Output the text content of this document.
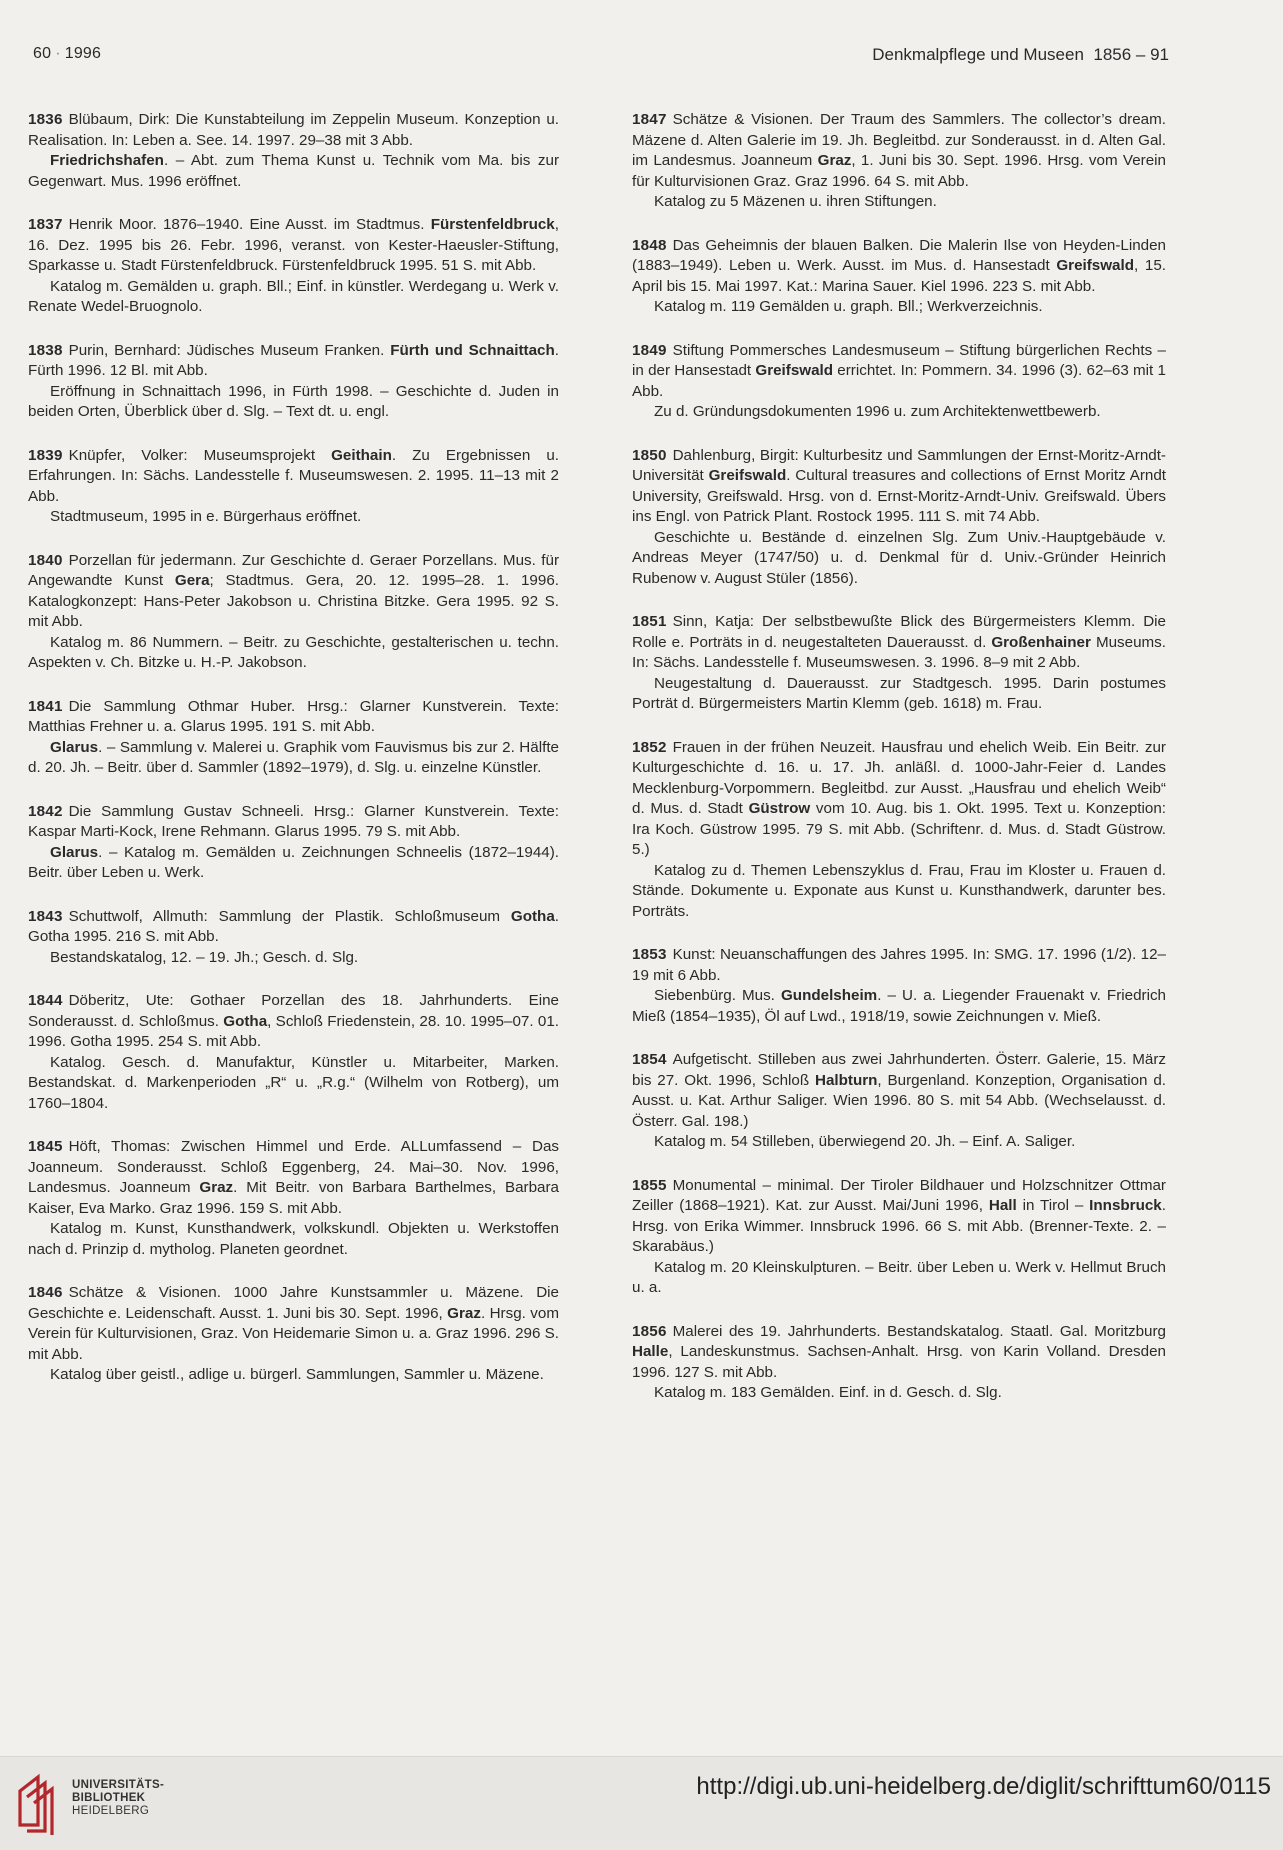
60 · 1996	Denkmalpflege und Museen 1856 – 91

1836 Blübaum, Dirk: Die Kunstabteilung im Zeppelin Museum. Konzeption u. Realisation. In: Leben a. See. 14. 1997. 29–38 mit 3 Abb.

Friedrichshafen. – Abt. zum Thema Kunst u. Technik vom Ma. bis zur Gegenwart. Mus. 1996 eröffnet.

1837 Henrik Moor. 1876–1940. Eine Ausst. im Stadtmus. Fürstenfeldbruck, 16. Dez. 1995 bis 26. Febr. 1996, veranst. von Kester-Haeusler-Stiftung, Sparkasse u. Stadt Fürstenfeldbruck. Fürstenfeldbruck 1995. 51 S. mit Abb.

Katalog m. Gemälden u. graph. Bll.; Einf. in künstler. Werdegang u. Werk v. Renate Wedel-Bruognolo.

1838 Purin, Bernhard: Jüdisches Museum Franken. Fürth und Schnaittach. Fürth 1996. 12 Bl. mit Abb.

Eröffnung in Schnaittach 1996, in Fürth 1998. – Geschichte d. Juden in beiden Orten, Überblick über d. Slg. – Text dt. u. engl.

1839 Knüpfer, Volker: Museumsprojekt Geithain. Zu Ergebnissen u. Erfahrungen. In: Sächs. Landesstelle f. Museumswesen. 2. 1995. 11–13 mit 2 Abb.

Stadtmuseum, 1995 in e. Bürgerhaus eröffnet.

1840 Porzellan für jedermann. Zur Geschichte d. Geraer Porzellans. Mus. für Angewandte Kunst Gera; Stadtmus. Gera, 20. 12. 1995–28. 1. 1996. Katalogkonzept: Hans-Peter Jakobson u. Christina Bitzke. Gera 1995. 92 S. mit Abb.

Katalog m. 86 Nummern. – Beitr. zu Geschichte, gestalterischen u. techn. Aspekten v. Ch. Bitzke u. H.-P. Jakobson.

1841 Die Sammlung Othmar Huber. Hrsg.: Glarner Kunstverein. Texte: Matthias Frehner u. a. Glarus 1995. 191 S. mit Abb.

Glarus. – Sammlung v. Malerei u. Graphik vom Fauvismus bis zur 2. Hälfte d. 20. Jh. – Beitr. über d. Sammler (1892–1979), d. Slg. u. einzelne Künstler.

1842 Die Sammlung Gustav Schneeli. Hrsg.: Glarner Kunstverein. Texte: Kaspar Marti-Kock, Irene Rehmann. Glarus 1995. 79 S. mit Abb.

Glarus. – Katalog m. Gemälden u. Zeichnungen Schneelis (1872–1944). Beitr. über Leben u. Werk.

1843 Schuttwolf, Allmuth: Sammlung der Plastik. Schloßmuseum Gotha. Gotha 1995. 216 S. mit Abb.

Bestandskatalog, 12. – 19. Jh.; Gesch. d. Slg.

1844 Döberitz, Ute: Gothaer Porzellan des 18. Jahrhunderts. Eine Sonderausst. d. Schloßmus. Gotha, Schloß Friedenstein, 28. 10. 1995–07. 01. 1996. Gotha 1995. 254 S. mit Abb.

Katalog. Gesch. d. Manufaktur, Künstler u. Mitarbeiter, Marken. Bestandskat. d. Markenperioden „R“ u. „R.g.“ (Wilhelm von Rotberg), um 1760–1804.

1845 Höft, Thomas: Zwischen Himmel und Erde. ALLumfassend – Das Joanneum. Sonderausst. Schloß Eggenberg, 24. Mai–30. Nov. 1996, Landesmus. Joanneum Graz. Mit Beitr. von Barbara Barthelmes, Barbara Kaiser, Eva Marko. Graz 1996. 159 S. mit Abb.

Katalog m. Kunst, Kunsthandwerk, volkskundl. Objekten u. Werkstoffen nach d. Prinzip d. mytholog. Planeten geordnet.

1846 Schätze & Visionen. 1000 Jahre Kunstsammler u. Mäzene. Die Geschichte e. Leidenschaft. Ausst. 1. Juni bis 30. Sept. 1996, Graz. Hrsg. vom Verein für Kulturvisionen, Graz. Von Heidemarie Simon u. a. Graz 1996. 296 S. mit Abb.

Katalog über geistl., adlige u. bürgerl. Sammlungen, Sammler u. Mäzene.

1847 Schätze & Visionen. Der Traum des Sammlers. The collector’s dream. Mäzene d. Alten Galerie im 19. Jh. Begleitbd. zur Sonderausst. in d. Alten Gal. im Landesmus. Joanneum Graz, 1. Juni bis 30. Sept. 1996. Hrsg. vom Verein für Kulturvisionen Graz. Graz 1996. 64 S. mit Abb.

Katalog zu 5 Mäzenen u. ihren Stiftungen.

1848 Das Geheimnis der blauen Balken. Die Malerin Ilse von Heyden-Linden (1883–1949). Leben u. Werk. Ausst. im Mus. d. Hansestadt Greifswald, 15. April bis 15. Mai 1997. Kat.: Marina Sauer. Kiel 1996. 223 S. mit Abb.

Katalog m. 119 Gemälden u. graph. Bll.; Werkverzeichnis.

1849 Stiftung Pommersches Landesmuseum – Stiftung bürgerlichen Rechts – in der Hansestadt Greifswald errichtet. In: Pommern. 34. 1996 (3). 62–63 mit 1 Abb.

Zu d. Gründungsdokumenten 1996 u. zum Architektenwettbewerb.

1850 Dahlenburg, Birgit: Kulturbesitz und Sammlungen der Ernst-Moritz-Arndt-Universität Greifswald. Cultural treasures and collections of Ernst Moritz Arndt University, Greifswald. Hrsg. von d. Ernst-Moritz-Arndt-Univ. Greifswald. Übers ins Engl. von Patrick Plant. Rostock 1995. 111 S. mit 74 Abb.

Geschichte u. Bestände d. einzelnen Slg. Zum Univ.-Hauptgebäude v. Andreas Meyer (1747/50) u. d. Denkmal für d. Univ.-Gründer Heinrich Rubenow v. August Stüler (1856).

1851 Sinn, Katja: Der selbstbewußte Blick des Bürgermeisters Klemm. Die Rolle e. Porträts in d. neugestalteten Dauerausst. d. Großenhainer Museums. In: Sächs. Landesstelle f. Museumswesen. 3. 1996. 8–9 mit 2 Abb.

Neugestaltung d. Dauerausst. zur Stadtgesch. 1995. Darin postumes Porträt d. Bürgermeisters Martin Klemm (geb. 1618) m. Frau.

1852 Frauen in der frühen Neuzeit. Hausfrau und ehelich Weib. Ein Beitr. zur Kulturgeschichte d. 16. u. 17. Jh. anläßl. d. 1000-Jahr-Feier d. Landes Mecklenburg-Vorpommern. Begleitbd. zur Ausst. „Hausfrau und ehelich Weib“ d. Mus. d. Stadt Güstrow vom 10. Aug. bis 1. Okt. 1995. Text u. Konzeption: Ira Koch. Güstrow 1995. 79 S. mit Abb. (Schriftenr. d. Mus. d. Stadt Güstrow. 5.)

Katalog zu d. Themen Lebenszyklus d. Frau, Frau im Kloster u. Frauen d. Stände. Dokumente u. Exponate aus Kunst u. Kunsthandwerk, darunter bes. Porträts.

1853 Kunst: Neuanschaffungen des Jahres 1995. In: SMG. 17. 1996 (1/2). 12–19 mit 6 Abb.

Siebenbürg. Mus. Gundelsheim. – U. a. Liegender Frauenakt v. Friedrich Mieß (1854–1935), Öl auf Lwd., 1918/19, sowie Zeichnungen v. Mieß.

1854 Aufgetischt. Stilleben aus zwei Jahrhunderten. Österr. Galerie, 15. März bis 27. Okt. 1996, Schloß Halbturn, Burgenland. Konzeption, Organisation d. Ausst. u. Kat. Arthur Saliger. Wien 1996. 80 S. mit 54 Abb. (Wechselausst. d. Österr. Gal. 198.)

Katalog m. 54 Stilleben, überwiegend 20. Jh. – Einf. A. Saliger.

1855 Monumental – minimal. Der Tiroler Bildhauer und Holzschnitzer Ottmar Zeiller (1868–1921). Kat. zur Ausst. Mai/Juni 1996, Hall in Tirol – Innsbruck. Hrsg. von Erika Wimmer. Innsbruck 1996. 66 S. mit Abb. (Brenner-Texte. 2. – Skarabäus.)

Katalog m. 20 Kleinskulpturen. – Beitr. über Leben u. Werk v. Hellmut Bruch u. a.

1856 Malerei des 19. Jahrhunderts. Bestandskatalog. Staatl. Gal. Moritzburg Halle, Landeskunstmus. Sachsen-Anhalt. Hrsg. von Karin Volland. Dresden 1996. 127 S. mit Abb.

Katalog m. 183 Gemälden. Einf. in d. Gesch. d. Slg.

UNIVERSITÄTS-
BIBLIOTHEK
HEIDELBERG
http://digi.ub.uni-heidelberg.de/diglit/schrifttum60/0115
